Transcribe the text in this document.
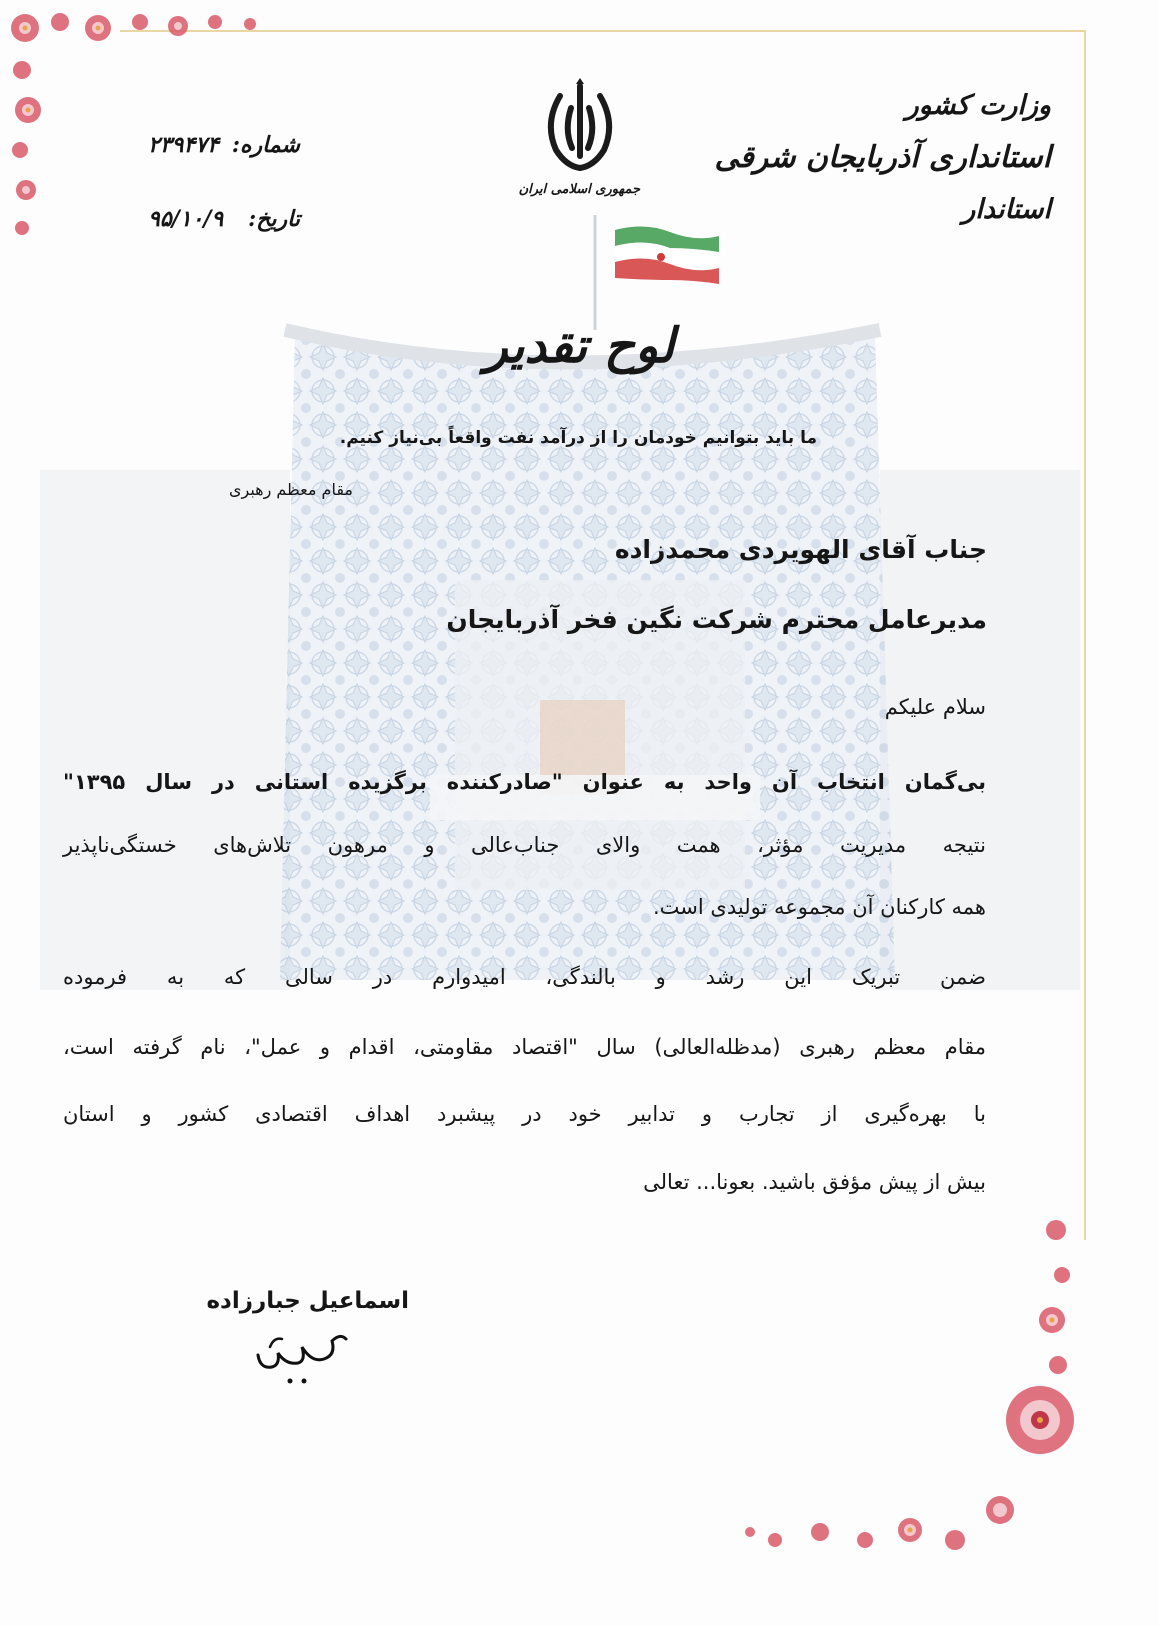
وزارت کشور
استانداری آذربایجان شرقی
استاندار
شماره:
۲۳۹۴۷۴
تاریخ:
۹۵/۱۰/۹
جمهوری اسلامی ایران
لوح تقدیر
ما باید بتوانیم خودمان را از درآمد نفت واقعاً بی‌نیاز کنیم.
مقام معظم رهبری
جناب آقای الهویردی محمدزاده
مدیرعامل محترم شرکت نگین فخر آذربایجان
سلام علیکم
بی‌گمان انتخاب آن واحد به عنوان "صادرکننده برگزیده استانی در سال ۱۳۹۵"
نتیجه مدیریت مؤثر، همت والای جناب‌عالی و مرهون تلاش‌های خستگی‌ناپذیر
همه کارکنان آن مجموعه تولیدی است.
ضمن تبریک این رشد و بالندگی، امیدوارم در سالی که به فرموده
مقام معظم رهبری (مدظله‌العالی) سال "اقتصاد مقاومتی، اقدام و عمل"، نام گرفته است،
با بهره‌گیری از تجارب و تدابیر خود در پیشبرد اهداف اقتصادی کشور و استان
بیش از پیش مؤفق باشید. بعونا... تعالی
اسماعیل جبارزاده
